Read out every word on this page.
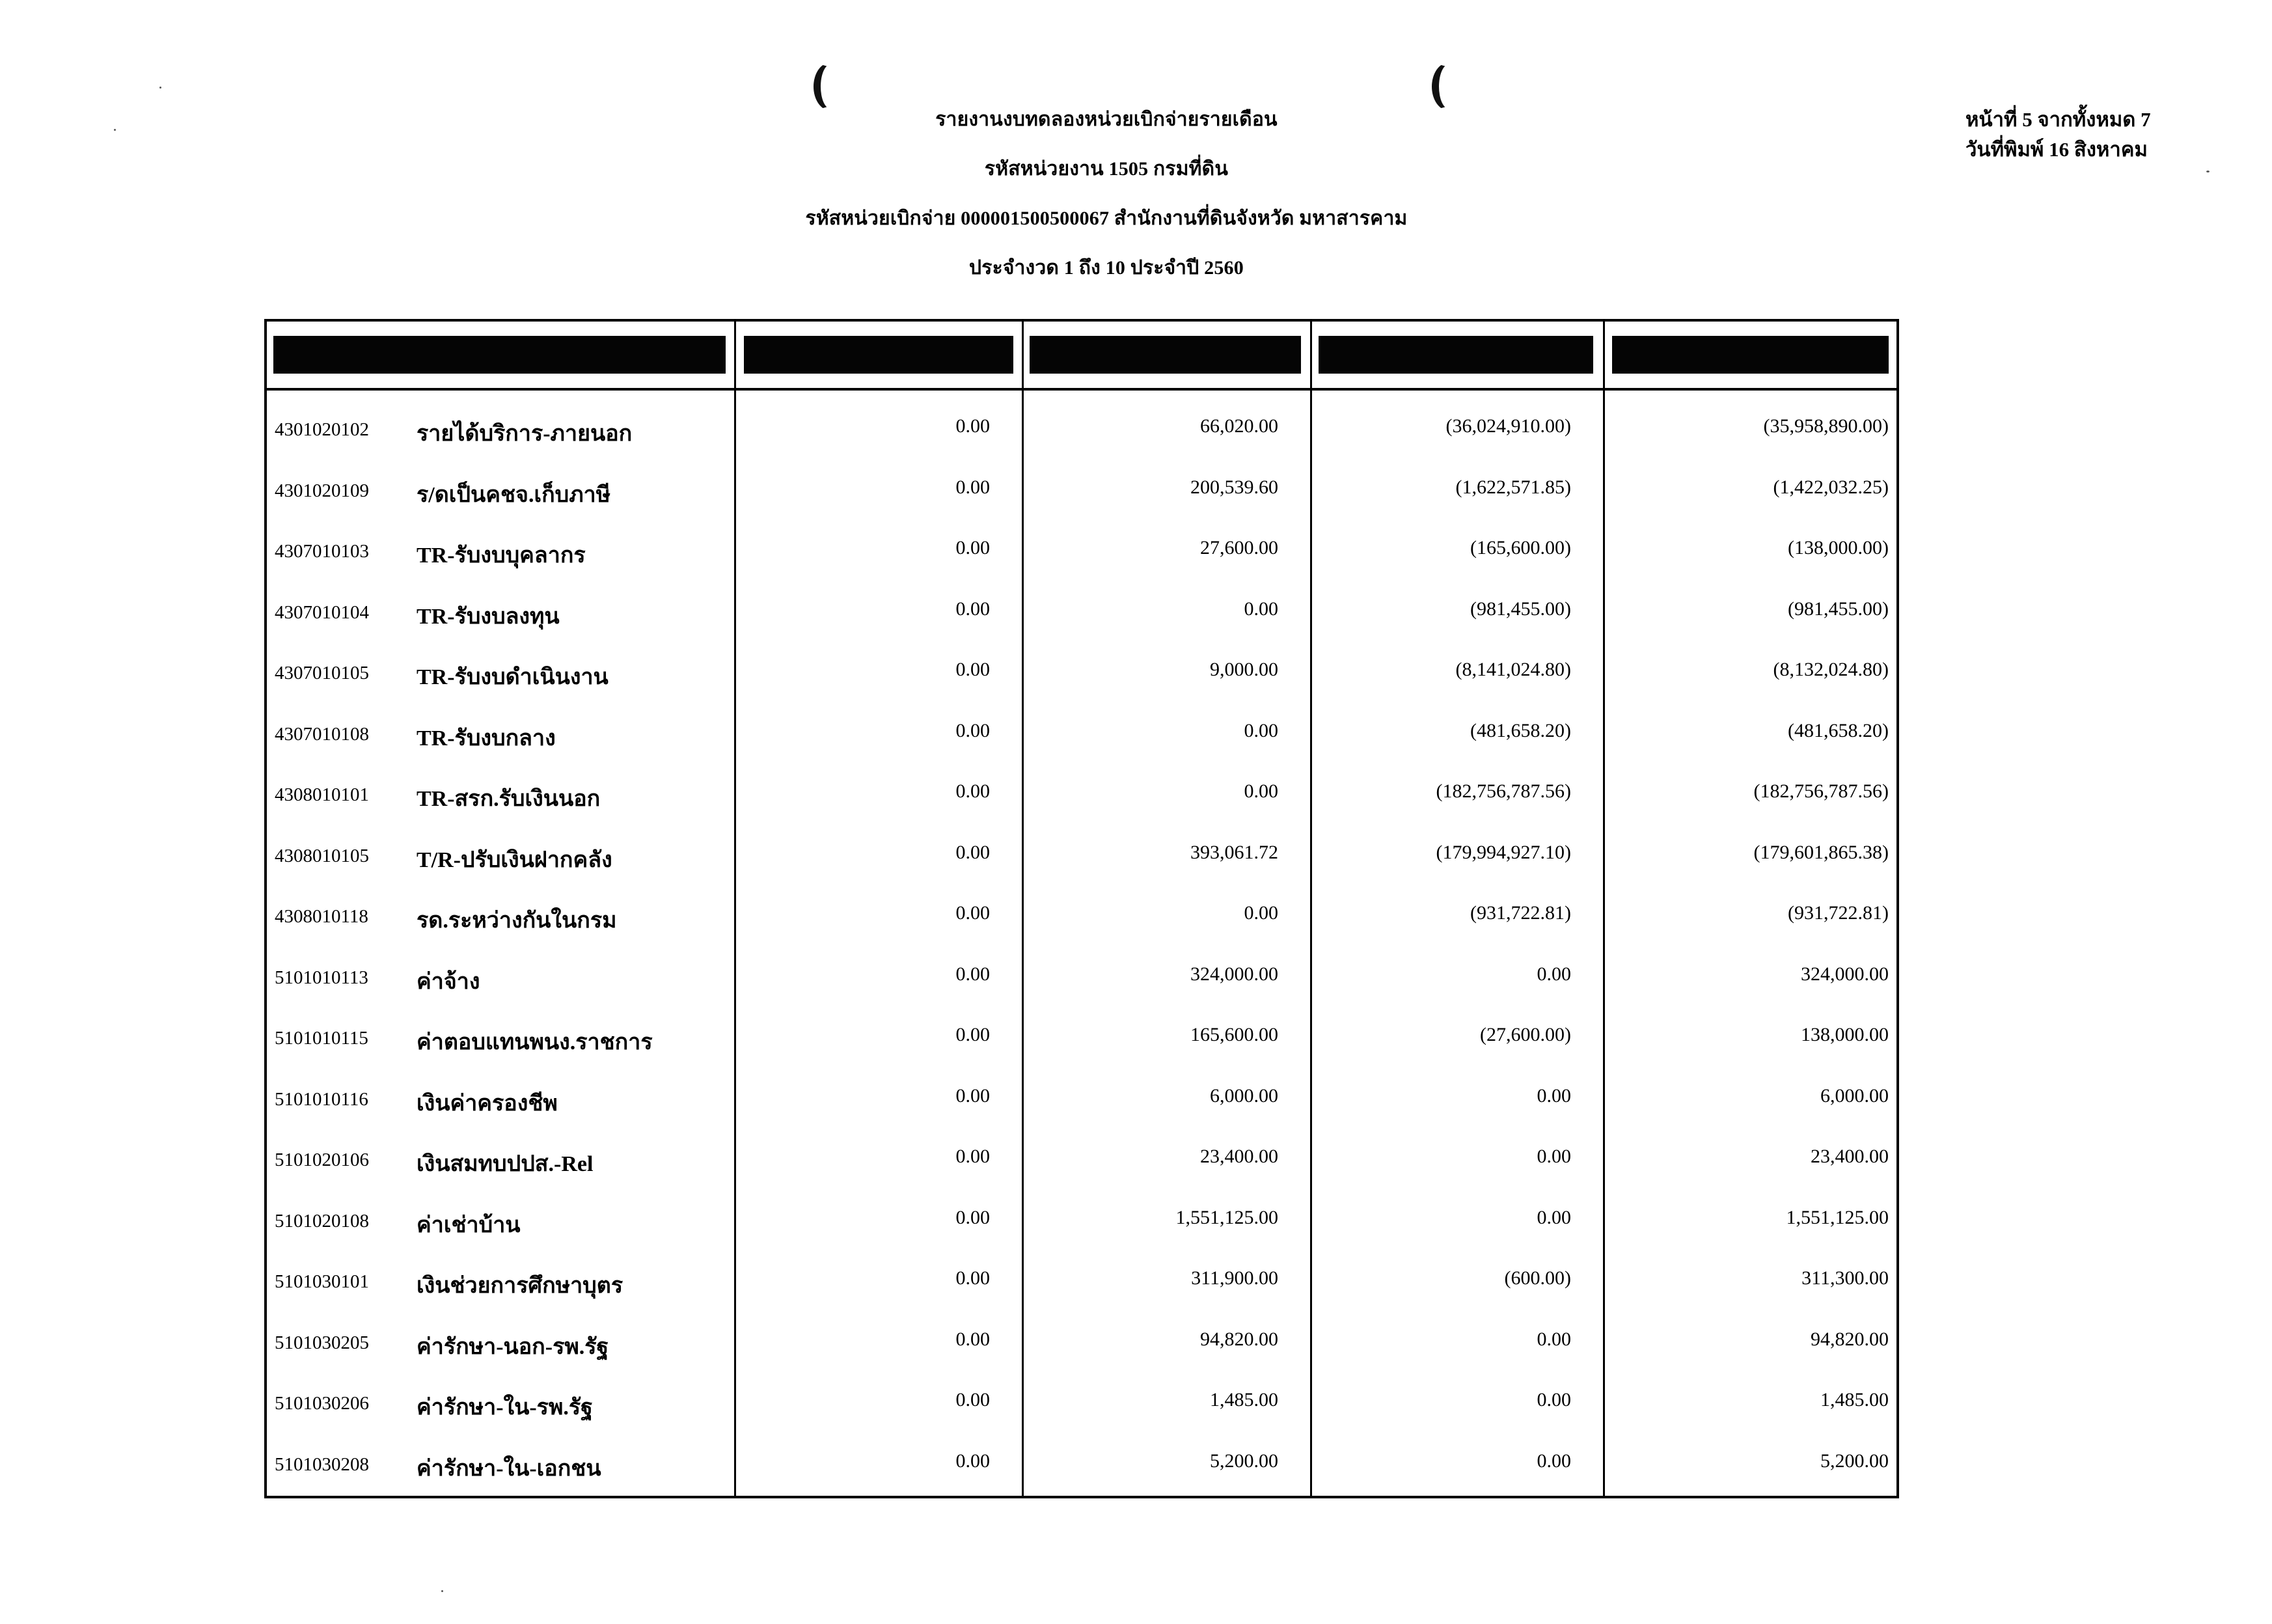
รายงานงบทดลองหน่วยเบิกจ่ายรายเดือน
รหัสหน่วยงาน 1505 กรมที่ดิน
รหัสหน่วยเบิกจ่าย 000001500500067 สำนักงานที่ดินจังหวัด มหาสารคาม
ประจำงวด 1 ถึง 10 ประจำปี 2560
หน้าที่ 5 จากทั้งหมด 7
วันที่พิมพ์ 16 สิงหาคม
4301020102 รายได้บริการ-ภายนอก	0.00	66,020.00	(36,024,910.00)	(35,958,890.00)
4301020109 ร/ดเป็นคชจ.เก็บภาษี	0.00	200,539.60	(1,622,571.85)	(1,422,032.25)
4307010103 TR-รับงบบุคลากร	0.00	27,600.00	(165,600.00)	(138,000.00)
4307010104 TR-รับงบลงทุน	0.00	0.00	(981,455.00)	(981,455.00)
4307010105 TR-รับงบดำเนินงาน	0.00	9,000.00	(8,141,024.80)	(8,132,024.80)
4307010108 TR-รับงบกลาง	0.00	0.00	(481,658.20)	(481,658.20)
4308010101 TR-สรก.รับเงินนอก	0.00	0.00	(182,756,787.56)	(182,756,787.56)
4308010105 T/R-ปรับเงินฝากคลัง	0.00	393,061.72	(179,994,927.10)	(179,601,865.38)
4308010118 รด.ระหว่างกันในกรม	0.00	0.00	(931,722.81)	(931,722.81)
5101010113 ค่าจ้าง	0.00	324,000.00	0.00	324,000.00
5101010115 ค่าตอบแทนพนง.ราชการ	0.00	165,600.00	(27,600.00)	138,000.00
5101010116 เงินค่าครองชีพ	0.00	6,000.00	0.00	6,000.00
5101020106 เงินสมทบปปส.-Rel	0.00	23,400.00	0.00	23,400.00
5101020108 ค่าเช่าบ้าน	0.00	1,551,125.00	0.00	1,551,125.00
5101030101 เงินช่วยการศึกษาบุตร	0.00	311,900.00	(600.00)	311,300.00
5101030205 ค่ารักษา-นอก-รพ.รัฐ	0.00	94,820.00	0.00	94,820.00
5101030206 ค่ารักษา-ใน-รพ.รัฐ	0.00	1,485.00	0.00	1,485.00
5101030208 ค่ารักษา-ใน-เอกชน	0.00	5,200.00	0.00	5,200.00
